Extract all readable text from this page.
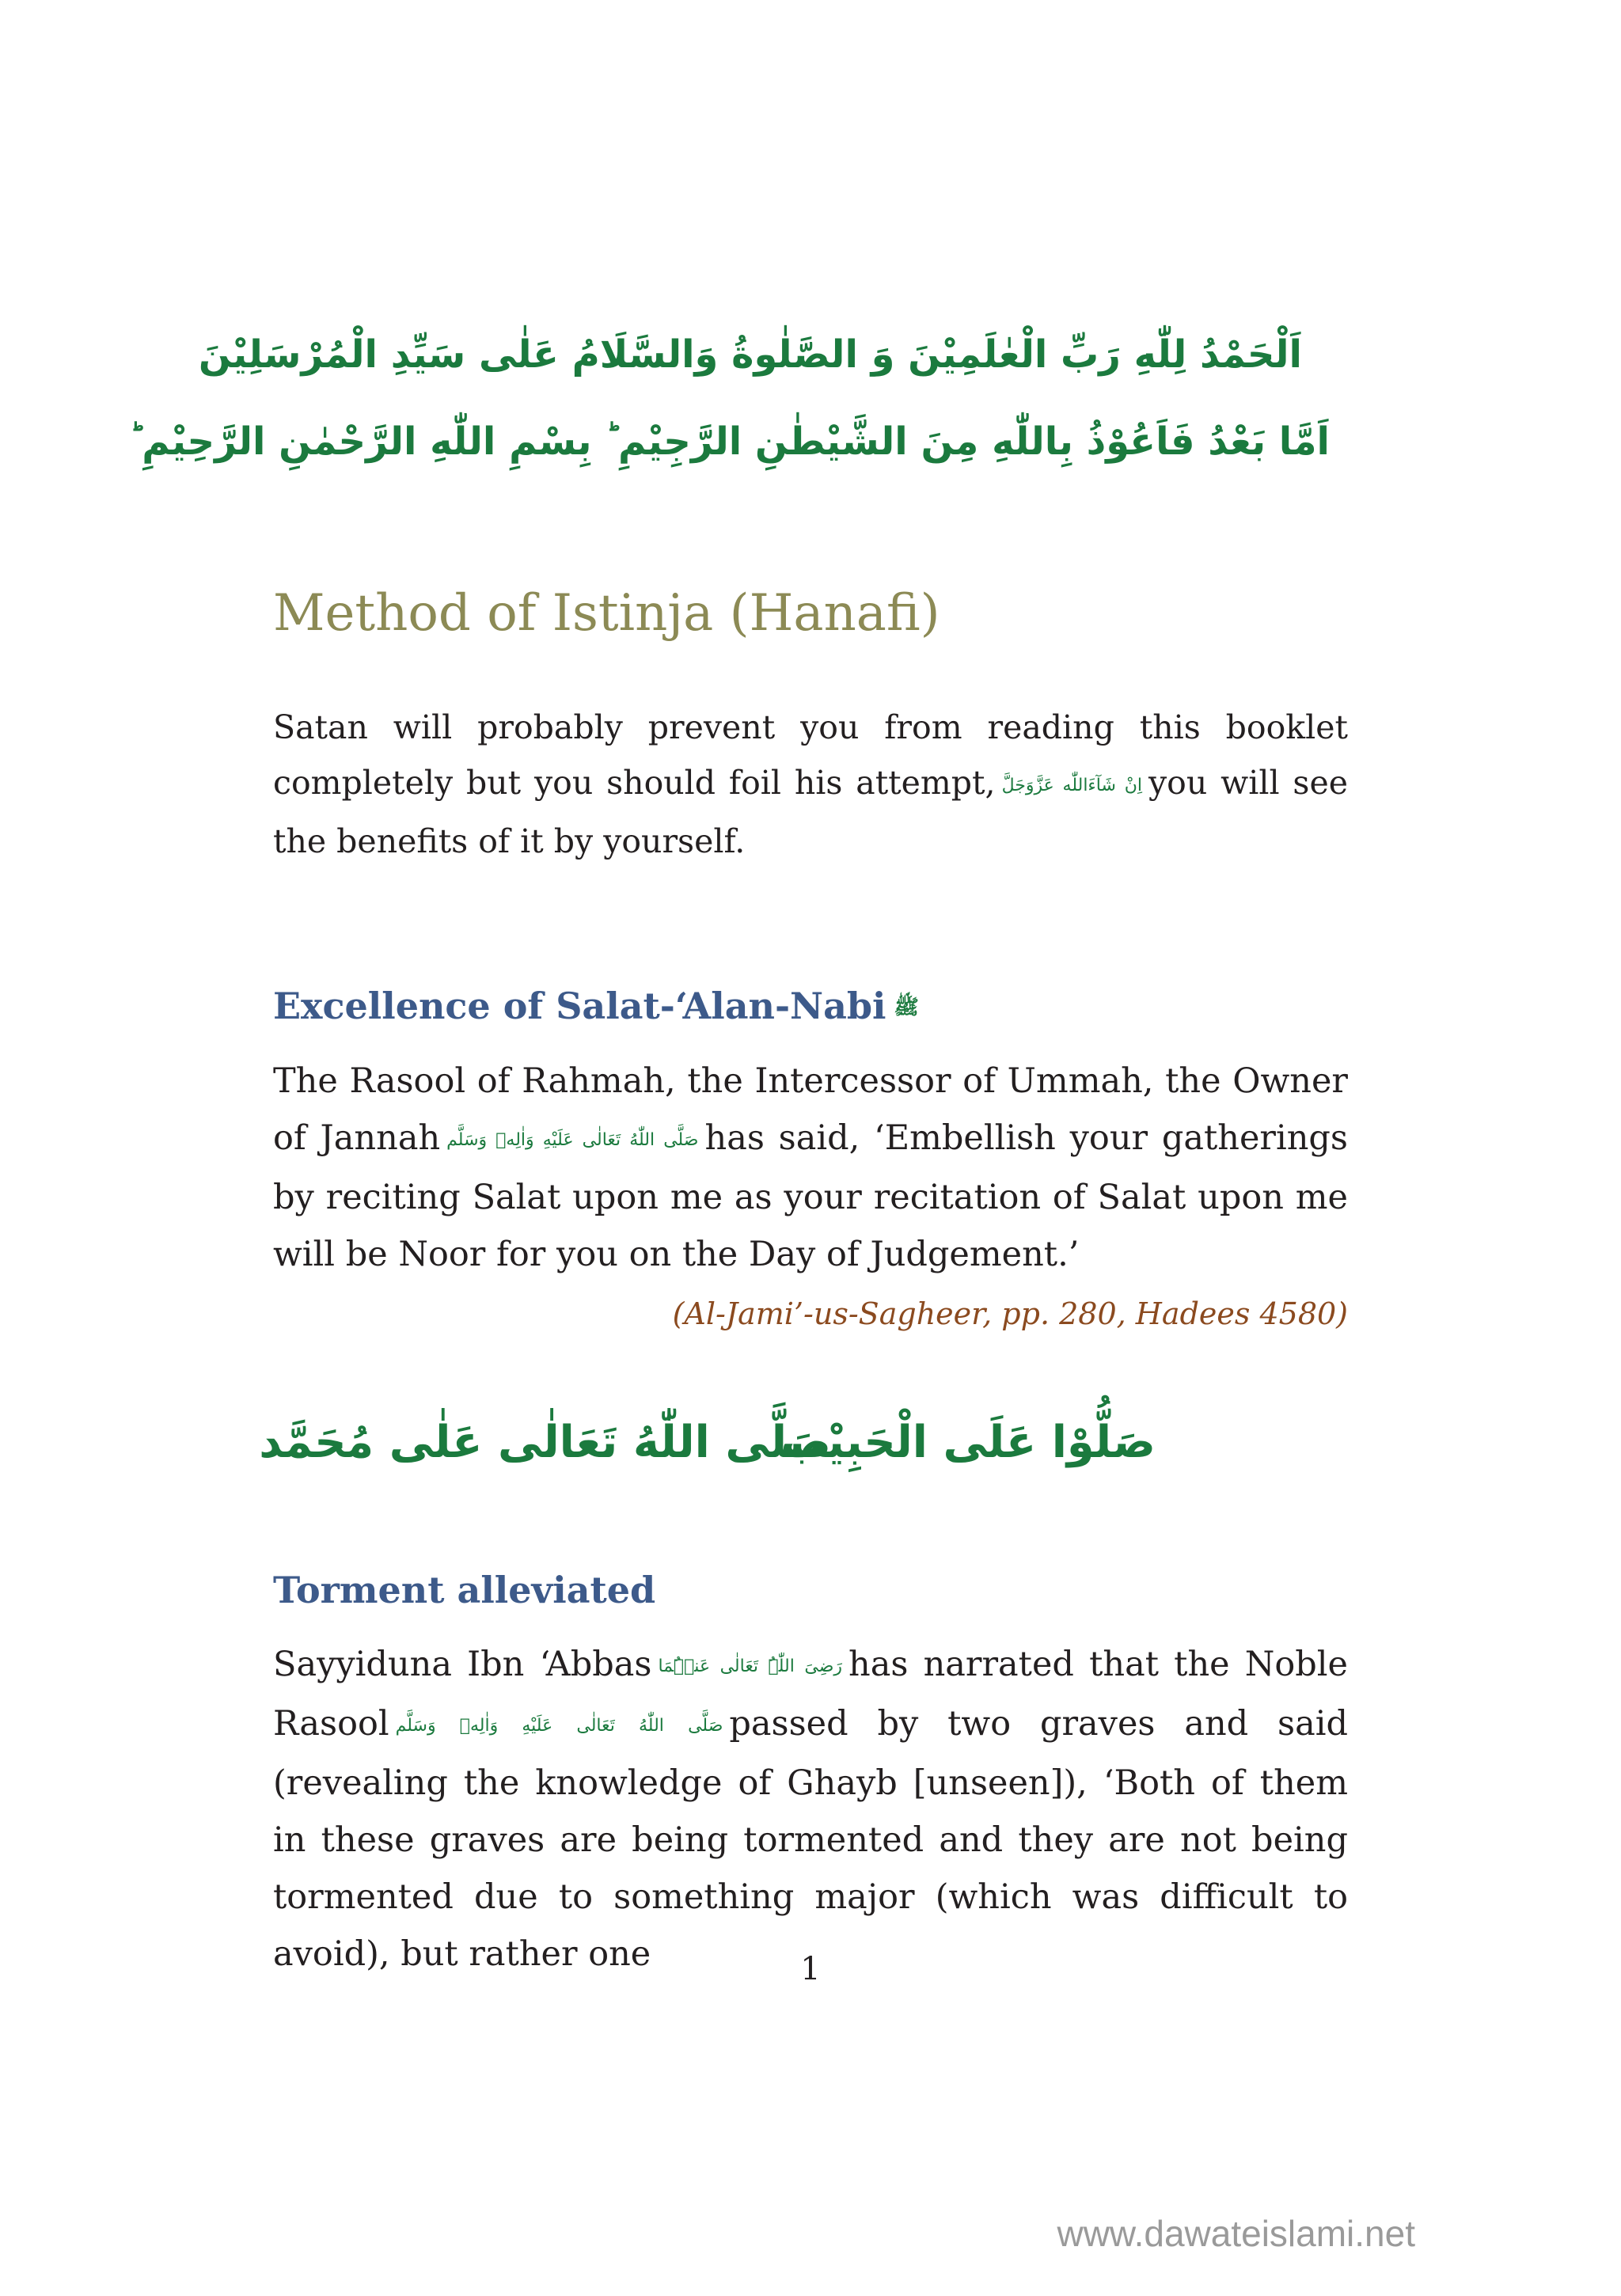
اَلْحَمْدُ لِلّٰهِ رَبِّ الْعٰلَمِيْنَ وَ الصَّلٰوةُ وَالسَّلَامُ عَلٰى سَيِّدِ الْمُرْسَلِيْنَ
اَمَّا بَعْدُ فَاَعُوْذُ بِاللّٰهِ مِنَ الشَّيْطٰنِ الرَّجِيْمِ ؕ بِسْمِ اللّٰهِ الرَّحْمٰنِ الرَّحِيْمِ ؕ
Method of Istinja (Hanafi)

Satan will probably prevent you from reading this booklet completely but you should foil his attempt, اِنْ شَآءَاللّٰه عَزَّوَجَلَّ you will see the benefits of it by yourself.

Excellence of Salat-‘Alan-Nabi ﷺ

The Rasool of Rahmah, the Intercessor of Ummah, the Owner of Jannah صَلَّى اللّٰهُ تَعَالٰى عَلَيْهِ وَاٰلِهٖ وَسَلَّم has said, ‘Embellish your gatherings by reciting Salat upon me as your recitation of Salat upon me will be Noor for you on the Day of Judgement.’

(Al-Jami’-us-Sagheer, pp. 280, Hadees 4580)
صَلُّوْا عَلَى الْحَبِيْب
صَلَّى اللّٰهُ تَعَالٰى عَلٰى مُحَمَّد
Torment alleviated

Sayyiduna Ibn ‘Abbas رَضِیَ اللّٰہُ تَعَالٰی عَنۡہُمَا has narrated that the Noble Rasool صَلَّى اللّٰهُ تَعَالٰى عَلَيْهِ وَاٰلِهٖ وَسَلَّم passed by two graves and said (revealing the knowledge of Ghayb [unseen]), ‘Both of them in these graves are being tormented and they are not being tormented due to something major (which was difficult to avoid), but rather one	1
www.dawateislami.net
